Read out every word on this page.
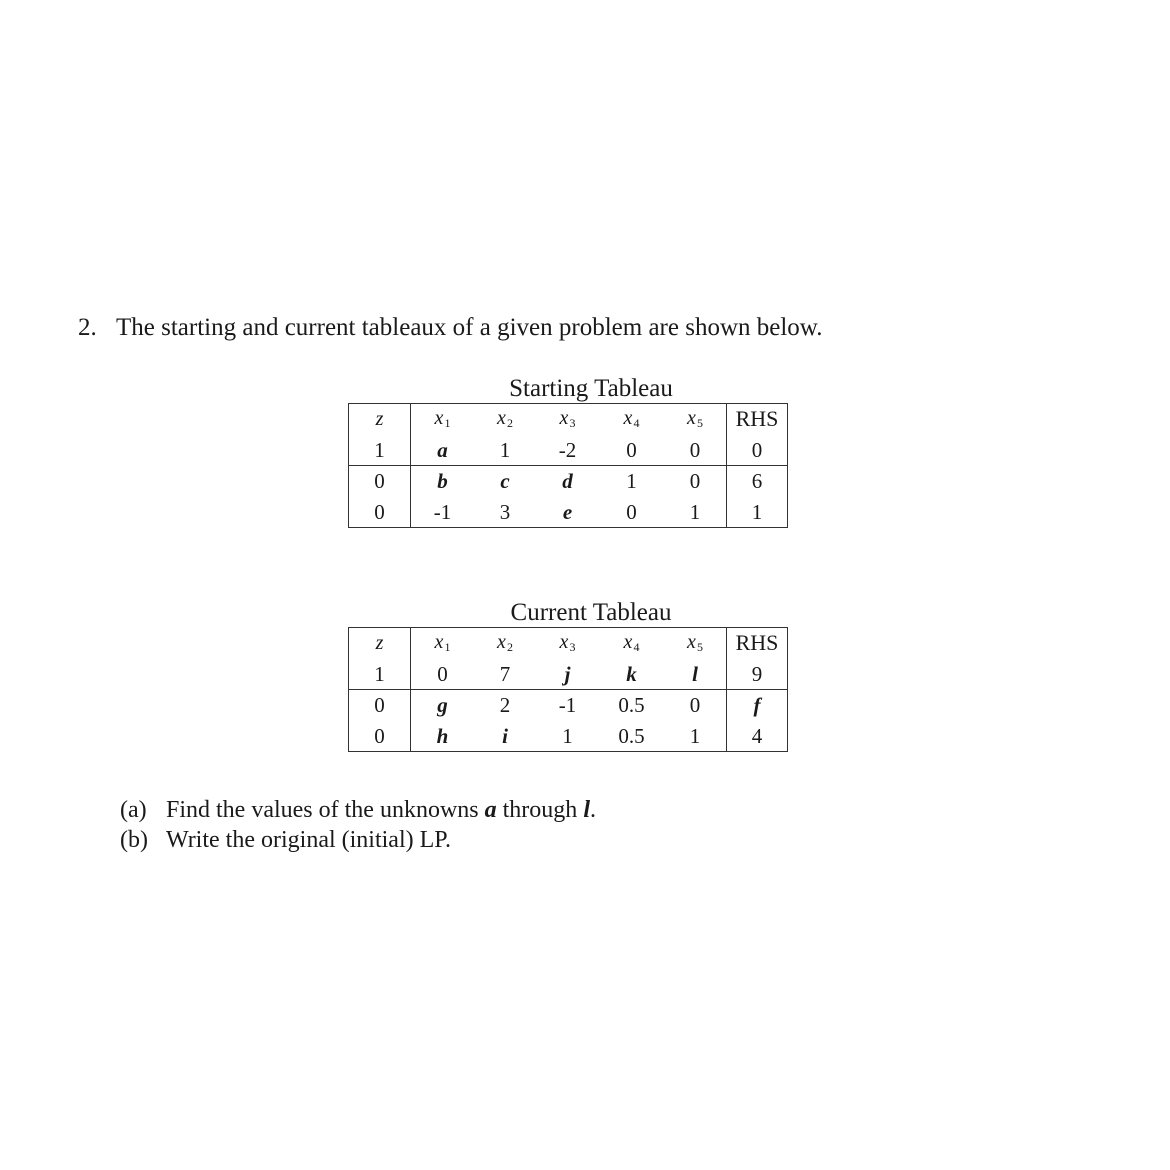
2. The starting and current tableaux of a given problem are shown below.
Starting Tableau
z	$x_1$	$x_2$	$x_3$	$x_4$	$x_5$	RHS
1	a	1	-2	0	0	0
0	b	c	d	1	0	6
0	-1	3	e	0	1	1
Current Tableau
z	$x_1$	$x_2$	$x_3$	$x_4$	$x_5$	RHS
1	0	7	j	k	l	9
0	g	2	-1	0.5	0	f
0	h	i	1	0.5	1	4
(a) Find the values of the unknowns a through l.
(b) Write the original (initial) LP.
